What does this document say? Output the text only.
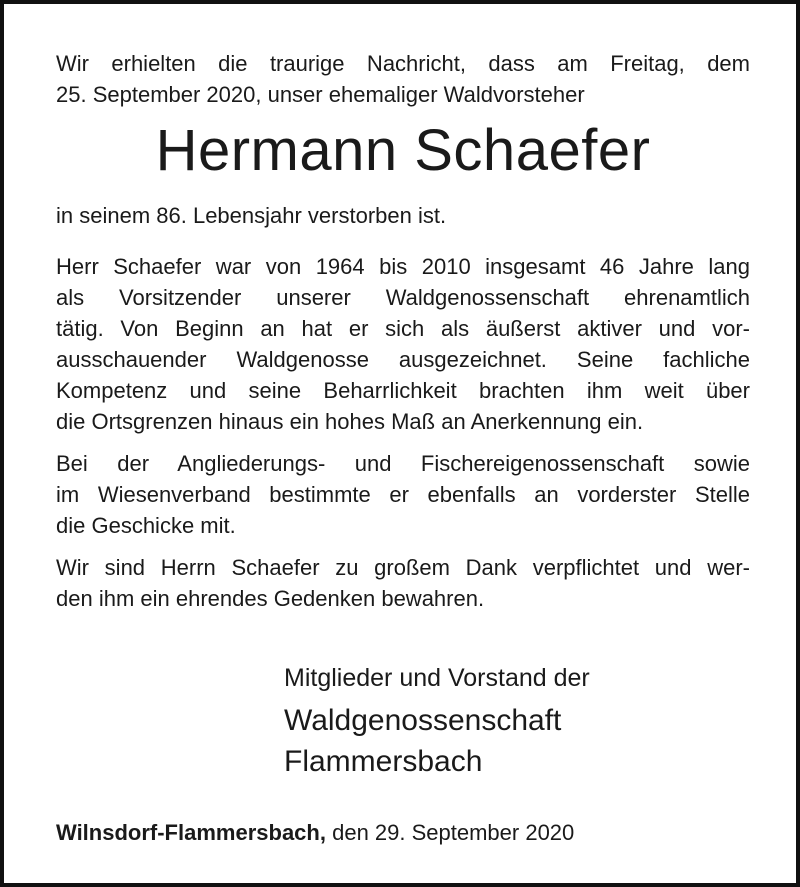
Wir erhielten die traurige Nachricht, dass am Freitag, dem
25. September 2020, unser ehemaliger Waldvorsteher

Hermann Schaefer

in seinem 86. Lebensjahr verstorben ist.

Herr Schaefer war von 1964 bis 2010 insgesamt 46 Jahre lang
als Vorsitzender unserer Waldgenossenschaft ehrenamtlich
tätig. Von Beginn an hat er sich als äußerst aktiver und vor-
ausschauender Waldgenosse ausgezeichnet. Seine fachliche
Kompetenz und seine Beharrlichkeit brachten ihm weit über
die Ortsgrenzen hinaus ein hohes Maß an Anerkennung ein.

Bei der Angliederungs- und Fischereigenossenschaft sowie
im Wiesenverband bestimmte er ebenfalls an vorderster Stelle
die Geschicke mit.

Wir sind Herrn Schaefer zu großem Dank verpflichtet und wer-
den ihm ein ehrendes Gedenken bewahren.

Mitglieder und Vorstand der
Waldgenossenschaft
Flammersbach
Wilnsdorf-Flammersbach, den 29. September 2020
